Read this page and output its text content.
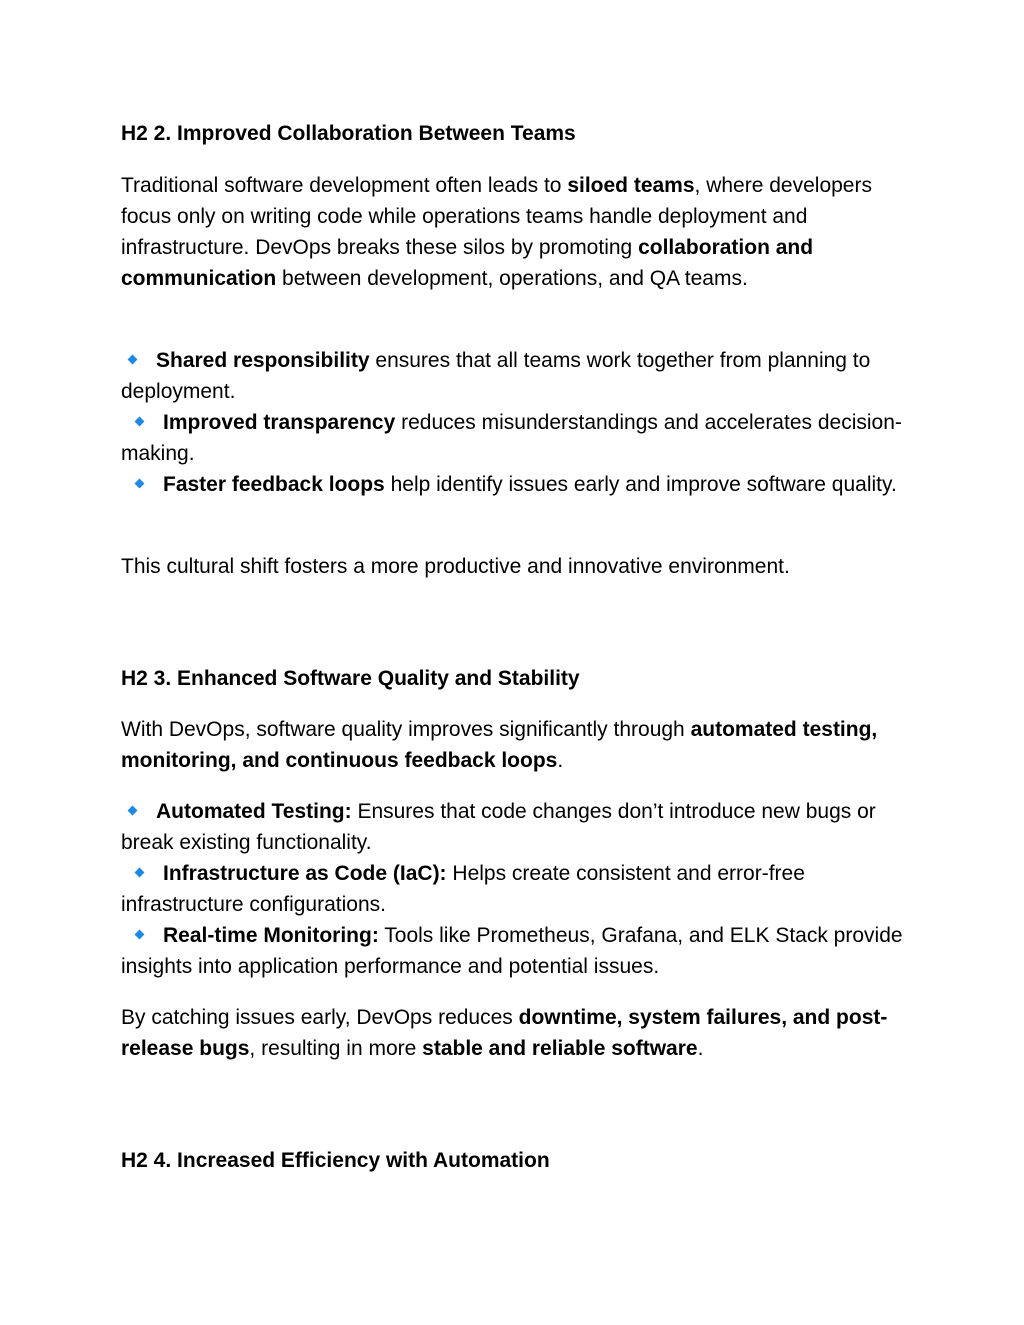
H2 2. Improved Collaboration Between Teams

Traditional software development often leads to siloed teams, where developers focus only on writing code while operations teams handle deployment and infrastructure. DevOps breaks these silos by promoting collaboration and communication between development, operations, and QA teams.

Shared responsibility ensures that all teams work together from planning to deployment.
Improved transparency reduces misunderstandings and accelerates decision-making.
Faster feedback loops help identify issues early and improve software quality.

This cultural shift fosters a more productive and innovative environment.

H2 3. Enhanced Software Quality and Stability

With DevOps, software quality improves significantly through automated testing, monitoring, and continuous feedback loops.

Automated Testing: Ensures that code changes don’t introduce new bugs or break existing functionality.
Infrastructure as Code (IaC): Helps create consistent and error-free infrastructure configurations.
Real-time Monitoring: Tools like Prometheus, Grafana, and ELK Stack provide insights into application performance and potential issues.

By catching issues early, DevOps reduces downtime, system failures, and post-release bugs, resulting in more stable and reliable software.

H2 4. Increased Efficiency with Automation
